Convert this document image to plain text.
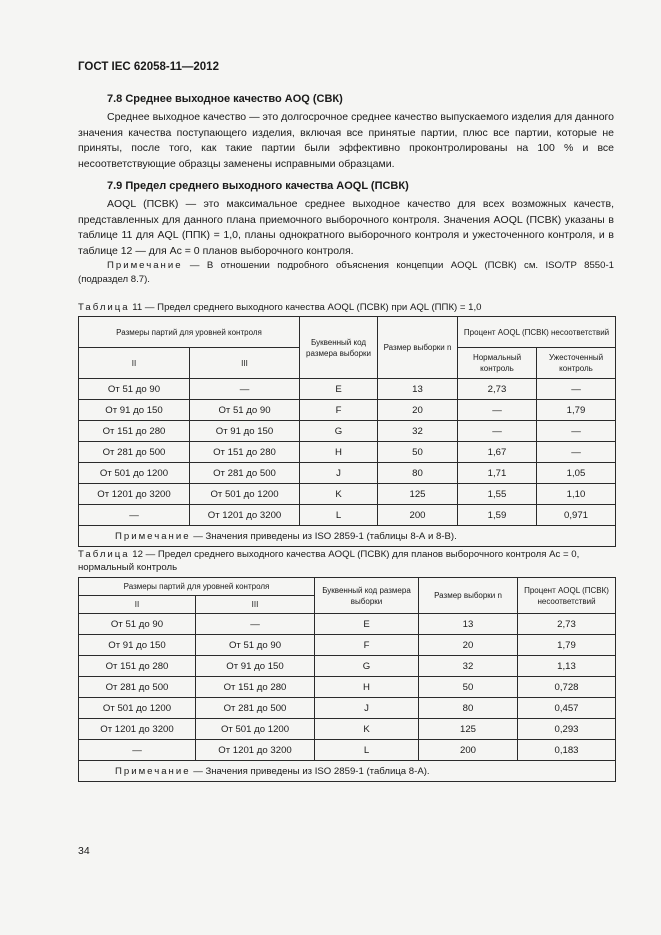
ГОСТ IEC 62058-11—2012
7.8 Среднее выходное качество AOQ (СВК)

Среднее выходное качество — это долгосрочное среднее качество выпускаемого изделия для данного значения качества поступающего изделия, включая все принятые партии, плюс все партии, которые не приняты, после того, как такие партии были эффективно проконтролированы на 100 % и все несоответствующие образцы заменены исправными образцами.

7.9 Предел среднего выходного качества AOQL (ПСВК)

AOQL (ПСВК) — это максимальное среднее выходное качество для всех возможных качеств, представленных для данного плана приемочного выборочного контроля. Значения AOQL (ПСВК) указаны в таблице 11 для AQL (ППК) = 1,0, планы однократного выборочного контроля и ужесточенного контроля, и в таблице 12 — для Ac = 0 планов выборочного контроля.

Примечание — В отношении подробного объяснения концепции AOQL (ПСВК) см. ISO/TP 8550-1 (подраздел 8.7).

Таблица 11 — Предел среднего выходного качества AOQL (ПСВК) при AQL (ППК) = 1,0

Размеры партий для уровней контроля		Буквенный код размера выборки	Размер выборки n	Процент AOQL (ПСВК) несоответствий	
II	III			Нормальный контроль	Ужесточенный контроль
От 51 до 90	—	E	13	2,73	—
От 91 до 150	От 51 до 90	F	20	—	1,79
От 151 до 280	От 91 до 150	G	32	—	—
От 281 до 500	От 151 до 280	H	50	1,67	—
От 501 до 1200	От 281 до 500	J	80	1,71	1,05
От 1201 до 3200	От 501 до 1200	K	125	1,55	1,10
—	От 1201 до 3200	L	200	1,59	0,971
Примечание — Значения приведены из ISO 2859-1 (таблицы 8-А и 8-В).					

Таблица 12 — Предел среднего выходного качества AOQL (ПСВК) для планов выборочного контроля Ac = 0, нормальный контроль

Размеры партий для уровней контроля		Буквенный код размера выборки	Размер выборки n	Процент AOQL (ПСВК) несоответствий
II	III			
От 51 до 90	—	E	13	2,73
От 91 до 150	От 51 до 90	F	20	1,79
От 151 до 280	От 91 до 150	G	32	1,13
От 281 до 500	От 151 до 280	H	50	0,728
От 501 до 1200	От 281 до 500	J	80	0,457
От 1201 до 3200	От 501 до 1200	K	125	0,293
—	От 1201 до 3200	L	200	0,183
Примечание — Значения приведены из ISO 2859-1 (таблица 8-А).				
34
